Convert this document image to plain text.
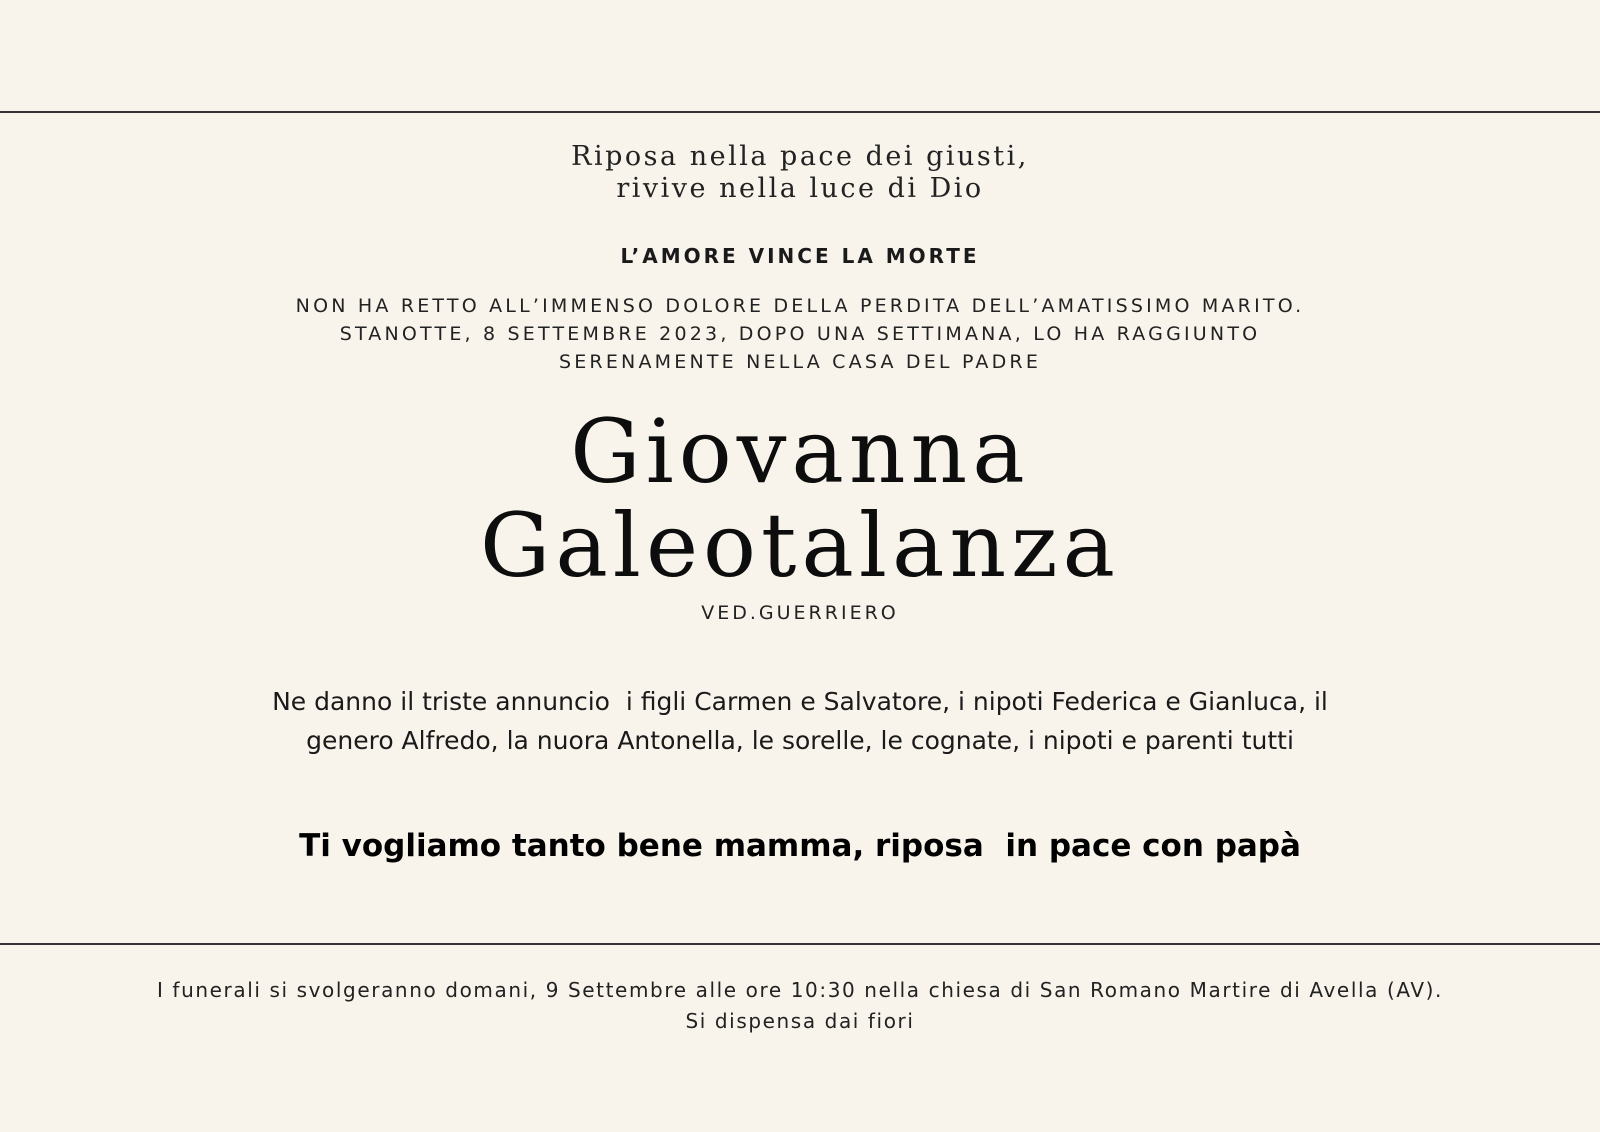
Riposa nella pace dei giusti,
rivive nella luce di Dio
L’AMORE VINCE LA MORTE
NON HA RETTO ALL’IMMENSO DOLORE DELLA PERDITA DELL’AMATISSIMO MARITO.
STANOTTE, 8 SETTEMBRE 2023, DOPO UNA SETTIMANA, LO HA RAGGIUNTO
SERENAMENTE NELLA CASA DEL PADRE
Giovanna
Galeotalanza
VED.GUERRIERO
Ne danno il triste annuncio  i figli Carmen e Salvatore, i nipoti Federica e Gianluca, il
genero Alfredo, la nuora Antonella, le sorelle, le cognate, i nipoti e parenti tutti
Ti vogliamo tanto bene mamma, riposa  in pace con papà
I funerali si svolgeranno domani, 9 Settembre alle ore 10:30 nella chiesa di San Romano Martire di Avella (AV).
Si dispensa dai fiori
